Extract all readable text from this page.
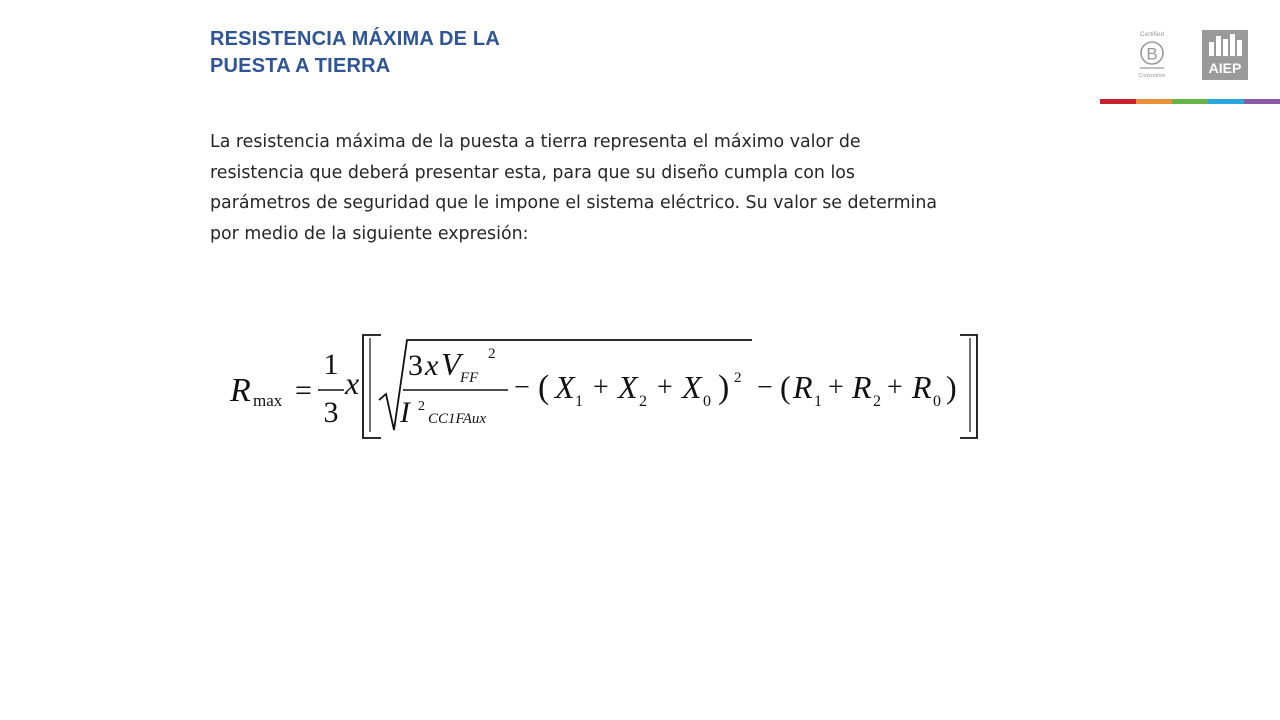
RESISTENCIA MÁXIMA DE LA
PUESTA A TIERRA
Certified
B
Corporation	AIEP
La resistencia máxima de la puesta a tierra representa el máximo valor de
resistencia que deberá presentar esta, para que su diseño cumpla con los
parámetros de seguridad que le impone el sistema eléctrico. Su valor se determina
por medio de la siguiente expresión:
R max =
1
3
x 3 x V FF
2
I 2
CC1FAux
− ( X 1 + X 2 + X 0 ) 2 − ( R 1 + R 2 + R 0 )
